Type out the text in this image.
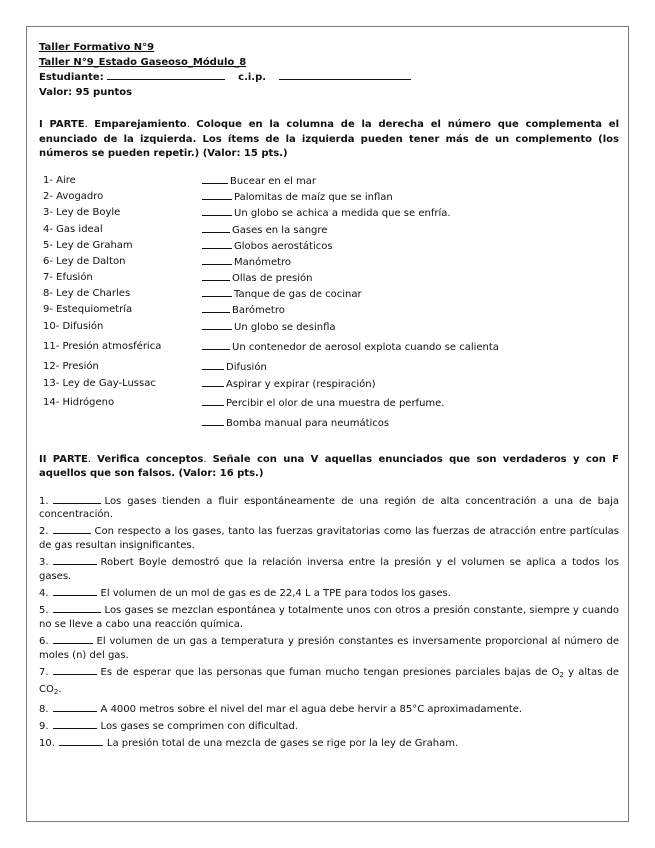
Taller Formativo N°9
Taller N°9_Estado Gaseoso_Módulo_8
Estudiante:	c.i.p.
Valor: 95 puntos
I PARTE. Emparejamiento. Coloque en la columna de la derecha el número que complementa el enunciado de la izquierda. Los ítems de la izquierda pueden tener más de un complemento (los números se pueden repetir.) (Valor: 15 pts.)
1- Aire	Bucear en el mar
2- Avogadro	Palomitas de maíz que se inflan
3- Ley de Boyle	Un globo se achica a medida que se enfría.
4- Gas ideal	Gases en la sangre
5- Ley de Graham	Globos aerostáticos
6- Ley de Dalton	Manómetro
7- Efusión	Ollas de presión
8- Ley de Charles	Tanque de gas de cocinar
9- Estequiometría	Barómetro
10- Difusión	Un globo se desinfla
11- Presión atmosférica	Un contenedor de aerosol explota cuando se calienta
12- Presión	Difusión
13- Ley de Gay-Lussac	Aspirar y expirar (respiración)
14- Hidrógeno	Percibir el olor de una muestra de perfume.
Bomba manual para neumáticos
II PARTE. Verifica conceptos. Señale con una V aquellas enunciados que son verdaderos y con F aquellos que son falsos. (Valor: 16 pts.)
1.	Los gases tienden a fluir espontáneamente de una región de alta concentración a una de baja concentración.
2.	Con respecto a los gases, tanto las fuerzas gravitatorias como las fuerzas de atracción entre partículas de gas resultan insignificantes.
3.	Robert Boyle demostró que la relación inversa entre la presión y el volumen se aplica a todos los gases.
4.	El volumen de un mol de gas es de 22,4 L a TPE para todos los gases.
5.	Los gases se mezclan espontánea y totalmente unos con otros a presión constante, siempre y cuando no se lleve a cabo una reacción química.
6.	El volumen de un gas a temperatura y presión constantes es inversamente proporcional al número de moles (n) del gas.
7.	Es de esperar que las personas que fuman mucho tengan presiones parciales bajas de $O_2$ y altas de $CO_2$.
8.	A 4000 metros sobre el nivel del mar el agua debe hervir a 85°C aproximadamente.
9.	Los gases se comprimen con dificultad.
10.	La presión total de una mezcla de gases se rige por la ley de Graham.
